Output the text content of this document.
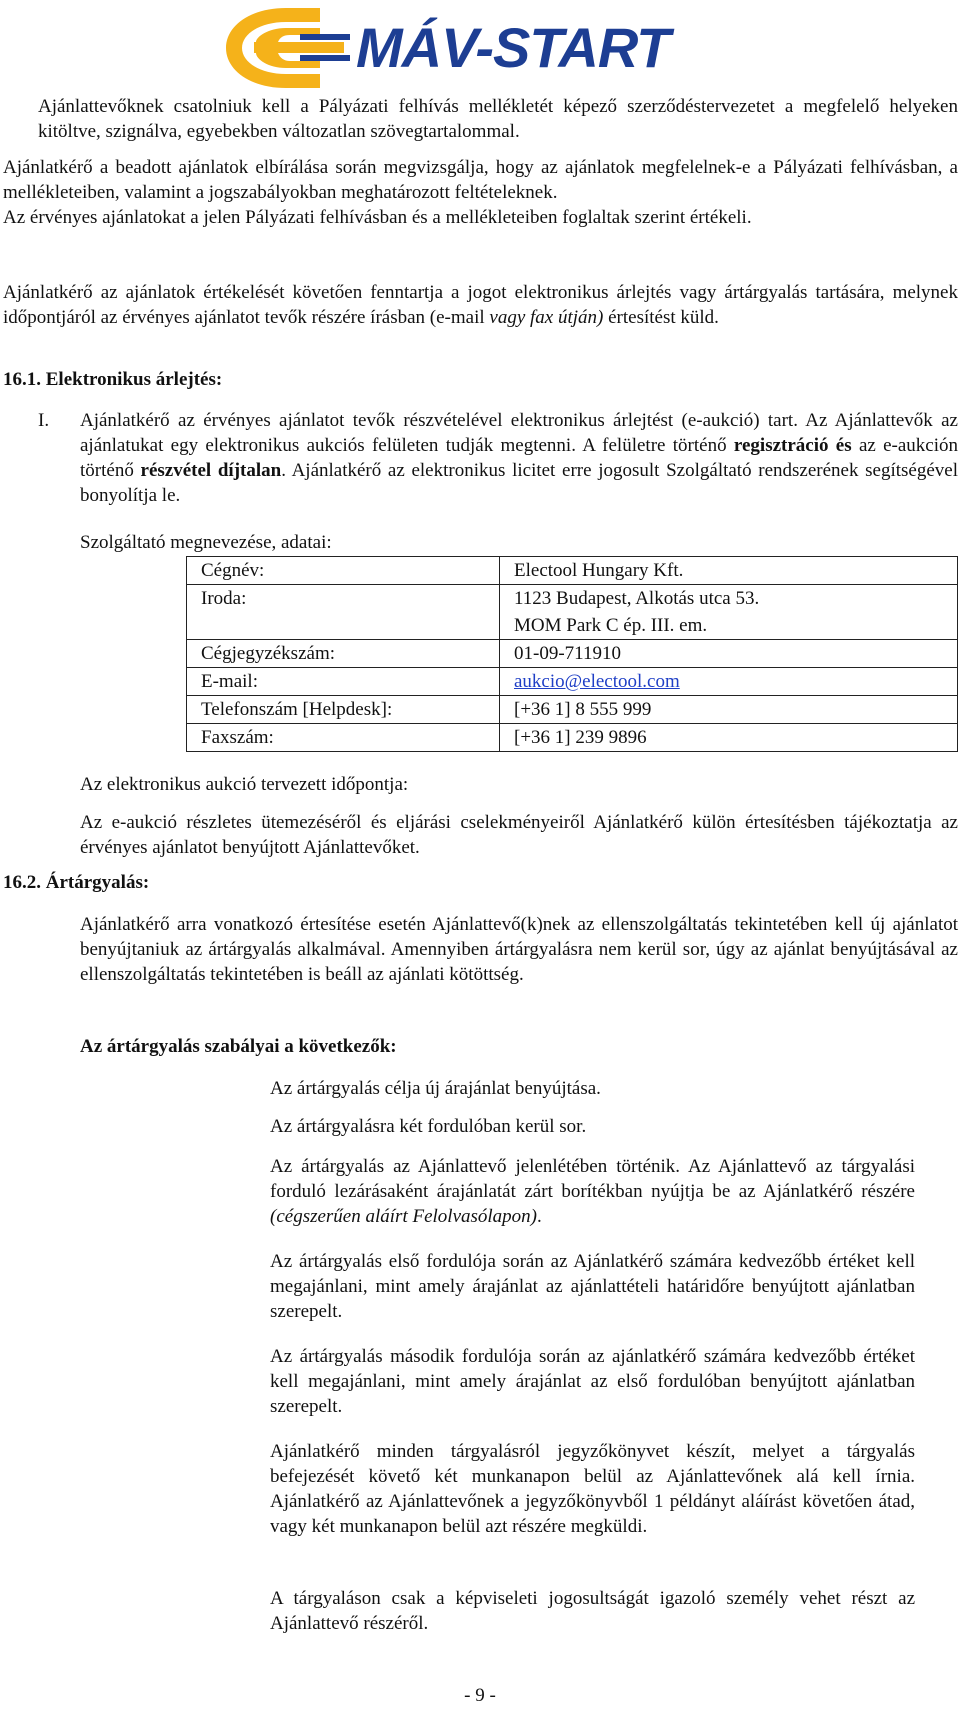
MÁV-START

Ajánlattevőknek csatolniuk kell a Pályázati felhívás mellékletét képező szerződéstervezetet a megfelelő helyeken kitöltve, szignálva, egyebekben változatlan szövegtartalommal.

Ajánlatkérő a beadott ajánlatok elbírálása során megvizsgálja, hogy az ajánlatok megfelelnek-e a Pályázati felhívásban, a mellékleteiben, valamint a jogszabályokban meghatározott feltételeknek.

Az érvényes ajánlatokat a jelen Pályázati felhívásban és a mellékleteiben foglaltak szerint értékeli.

Ajánlatkérő az ajánlatok értékelését követően fenntartja a jogot elektronikus árlejtés vagy ártárgyalás tartására, melynek időpontjáról az érvényes ajánlatot tevők részére írásban (e-mail vagy fax útján) értesítést küld.

16.1. Elektronikus árlejtés:

I. Ajánlatkérő az érvényes ajánlatot tevők részvételével elektronikus árlejtést (e-aukció) tart. Az Ajánlattevők az ajánlatukat egy elektronikus aukciós felületen tudják megtenni. A felületre történő regisztráció és az e-aukción történő részvétel díjtalan. Ajánlatkérő az elektronikus licitet erre jogosult Szolgáltató rendszerének segítségével bonyolítja le.

Szolgáltató megnevezése, adatai:

Cégnév:	Electool Hungary Kft.
Iroda:	1123 Budapest, Alkotás utca 53.
MOM Park C ép. III. em.

Cégjegyzékszám:	01-09-711910
E-mail:	aukcio@electool.com
Telefonszám [Helpdesk]:	[+36 1] 8 555 999
Faxszám:	[+36 1] 239 9896

Az elektronikus aukció tervezett időpontja:

Az e-aukció részletes ütemezéséről és eljárási cselekményeiről Ajánlatkérő külön értesítésben tájékoztatja az érvényes ajánlatot benyújtott Ajánlattevőket.

16.2. Ártárgyalás:

Ajánlatkérő arra vonatkozó értesítése esetén Ajánlattevő(k)nek az ellenszolgáltatás tekintetében kell új ajánlatot benyújtaniuk az ártárgyalás alkalmával. Amennyiben ártárgyalásra nem kerül sor, úgy az ajánlat benyújtásával az ellenszolgáltatás tekintetében is beáll az ajánlati kötöttség.

Az ártárgyalás szabályai a következők:

Az ártárgyalás célja új árajánlat benyújtása.

Az ártárgyalásra két fordulóban kerül sor.

Az ártárgyalás az Ajánlattevő jelenlétében történik. Az Ajánlattevő az tárgyalási forduló lezárásaként árajánlatát zárt borítékban nyújtja be az Ajánlatkérő részére (cégszerűen aláírt Felolvasólapon).

Az ártárgyalás első fordulója során az Ajánlatkérő számára kedvezőbb értéket kell megajánlani, mint amely árajánlat az ajánlattételi határidőre benyújtott ajánlatban szerepelt.

Az ártárgyalás második fordulója során az ajánlatkérő számára kedvezőbb értéket kell megajánlani, mint amely árajánlat az első fordulóban benyújtott ajánlatban szerepelt.

Ajánlatkérő minden tárgyalásról jegyzőkönyvet készít, melyet a tárgyalás befejezését követő két munkanapon belül az Ajánlattevőnek alá kell írnia. Ajánlatkérő az Ajánlattevőnek a jegyzőkönyvből 1 példányt aláírást követően átad, vagy két munkanapon belül azt részére megküldi.

A tárgyaláson csak a képviseleti jogosultságát igazoló személy vehet részt az Ajánlattevő részéről.

- 9 -
